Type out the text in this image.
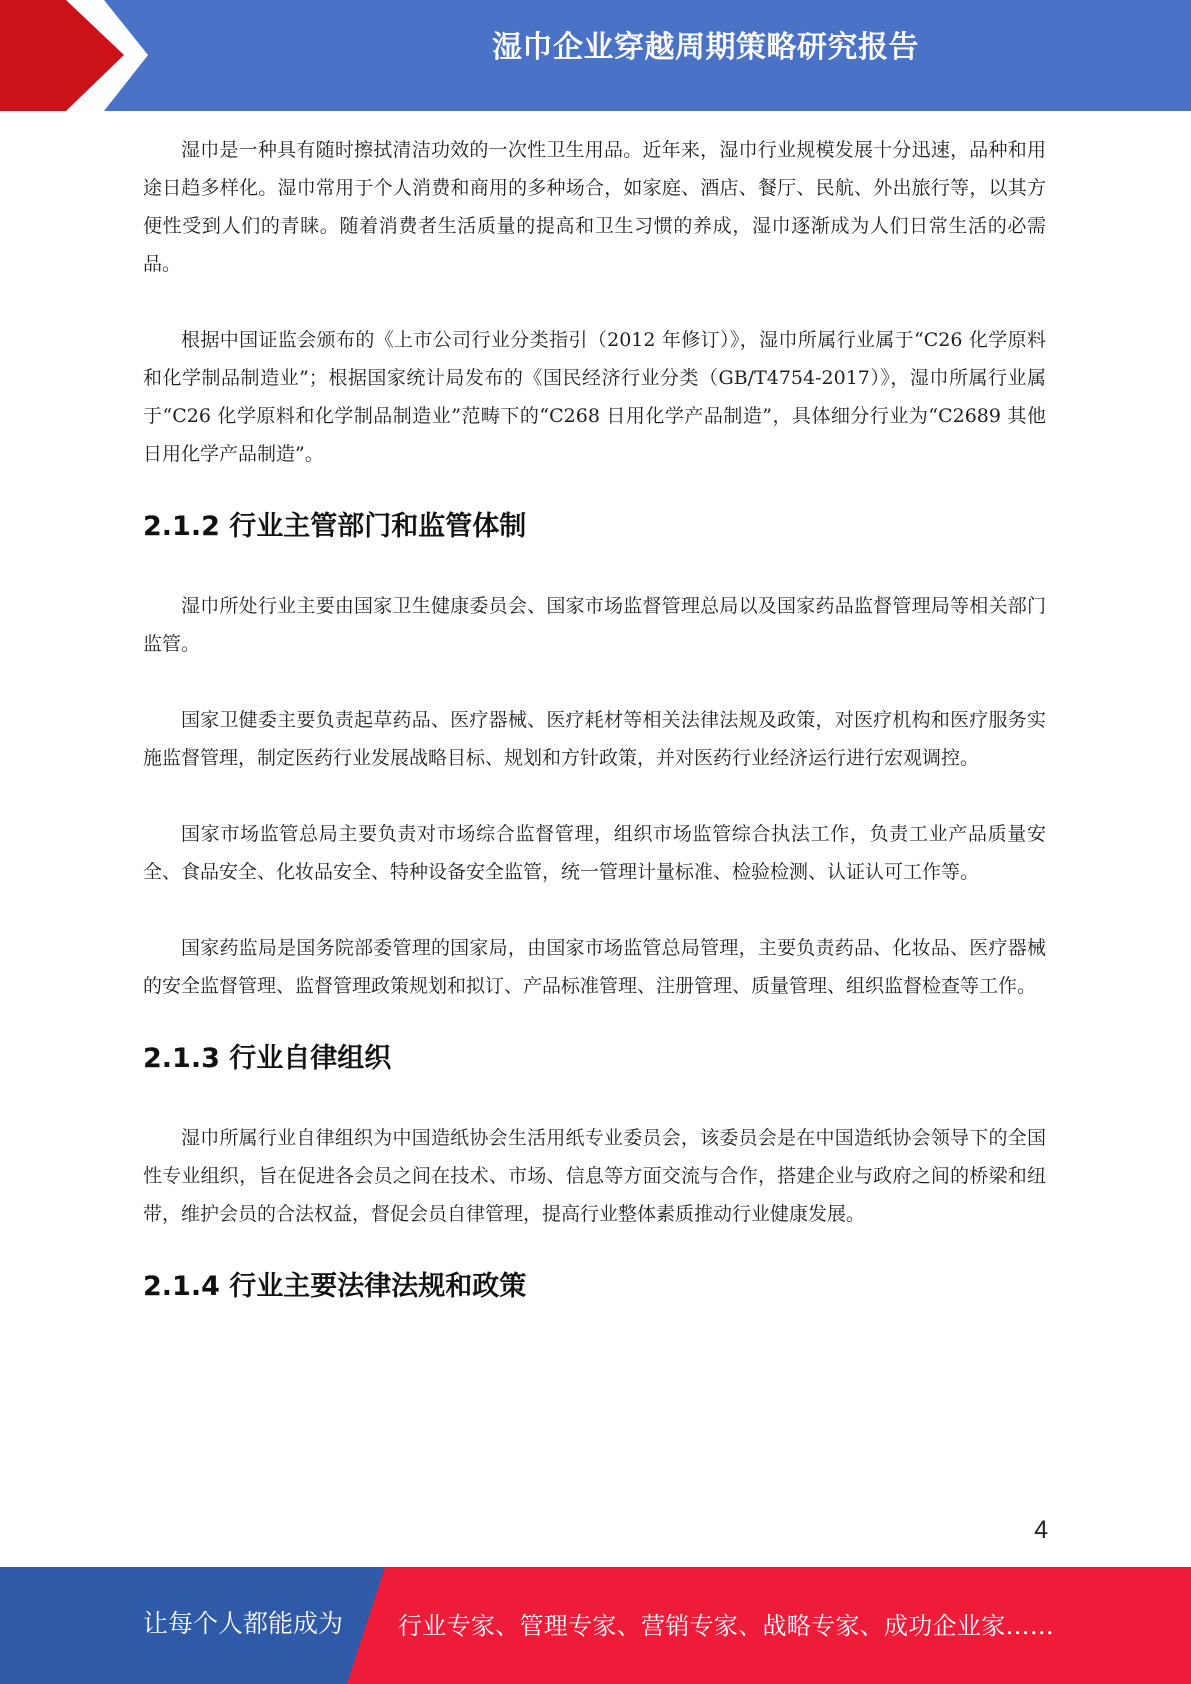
湿巾企业穿越周期策略研究报告

湿巾是一种具有随时擦拭清洁功效的一次性卫生用品。近年来，湿巾行业规模发展十分迅速，品种和用途日趋多样化。湿巾常用于个人消费和商用的多种场合，如家庭、酒店、餐厅、民航、外出旅行等，以其方便性受到人们的青睐。随着消费者生活质量的提高和卫生习惯的养成，湿巾逐渐成为人们日常生活的必需品。

根据中国证监会颁布的《上市公司行业分类指引（2012 年修订）》，湿巾所属行业属于“C26 化学原料和化学制品制造业”；根据国家统计局发布的《国民经济行业分类（GB/T4754-2017）》，湿巾所属行业属于“C26 化学原料和化学制品制造业”范畴下的“C268 日用化学产品制造”，具体细分行业为“C2689 其他日用化学产品制造”。

2.1.2 行业主管部门和监管体制

湿巾所处行业主要由国家卫生健康委员会、国家市场监督管理总局以及国家药品监督管理局等相关部门监管。

国家卫健委主要负责起草药品、医疗器械、医疗耗材等相关法律法规及政策，对医疗机构和医疗服务实施监督管理，制定医药行业发展战略目标、规划和方针政策，并对医药行业经济运行进行宏观调控。

国家市场监管总局主要负责对市场综合监督管理，组织市场监管综合执法工作，负责工业产品质量安全、食品安全、化妆品安全、特种设备安全监管，统一管理计量标准、检验检测、认证认可工作等。

国家药监局是国务院部委管理的国家局，由国家市场监管总局管理，主要负责药品、化妆品、医疗器械的安全监督管理、监督管理政策规划和拟订、产品标准管理、注册管理、质量管理、组织监督检查等工作。

2.1.3 行业自律组织

湿巾所属行业自律组织为中国造纸协会生活用纸专业委员会，该委员会是在中国造纸协会领导下的全国性专业组织，旨在促进各会员之间在技术、市场、信息等方面交流与合作，搭建企业与政府之间的桥梁和纽带，维护会员的合法权益，督促会员自律管理，提高行业整体素质推动行业健康发展。

2.1.4 行业主要法律法规和政策
4
让每个人都能成为 行业专家、管理专家、营销专家、战略专家、成功企业家……
